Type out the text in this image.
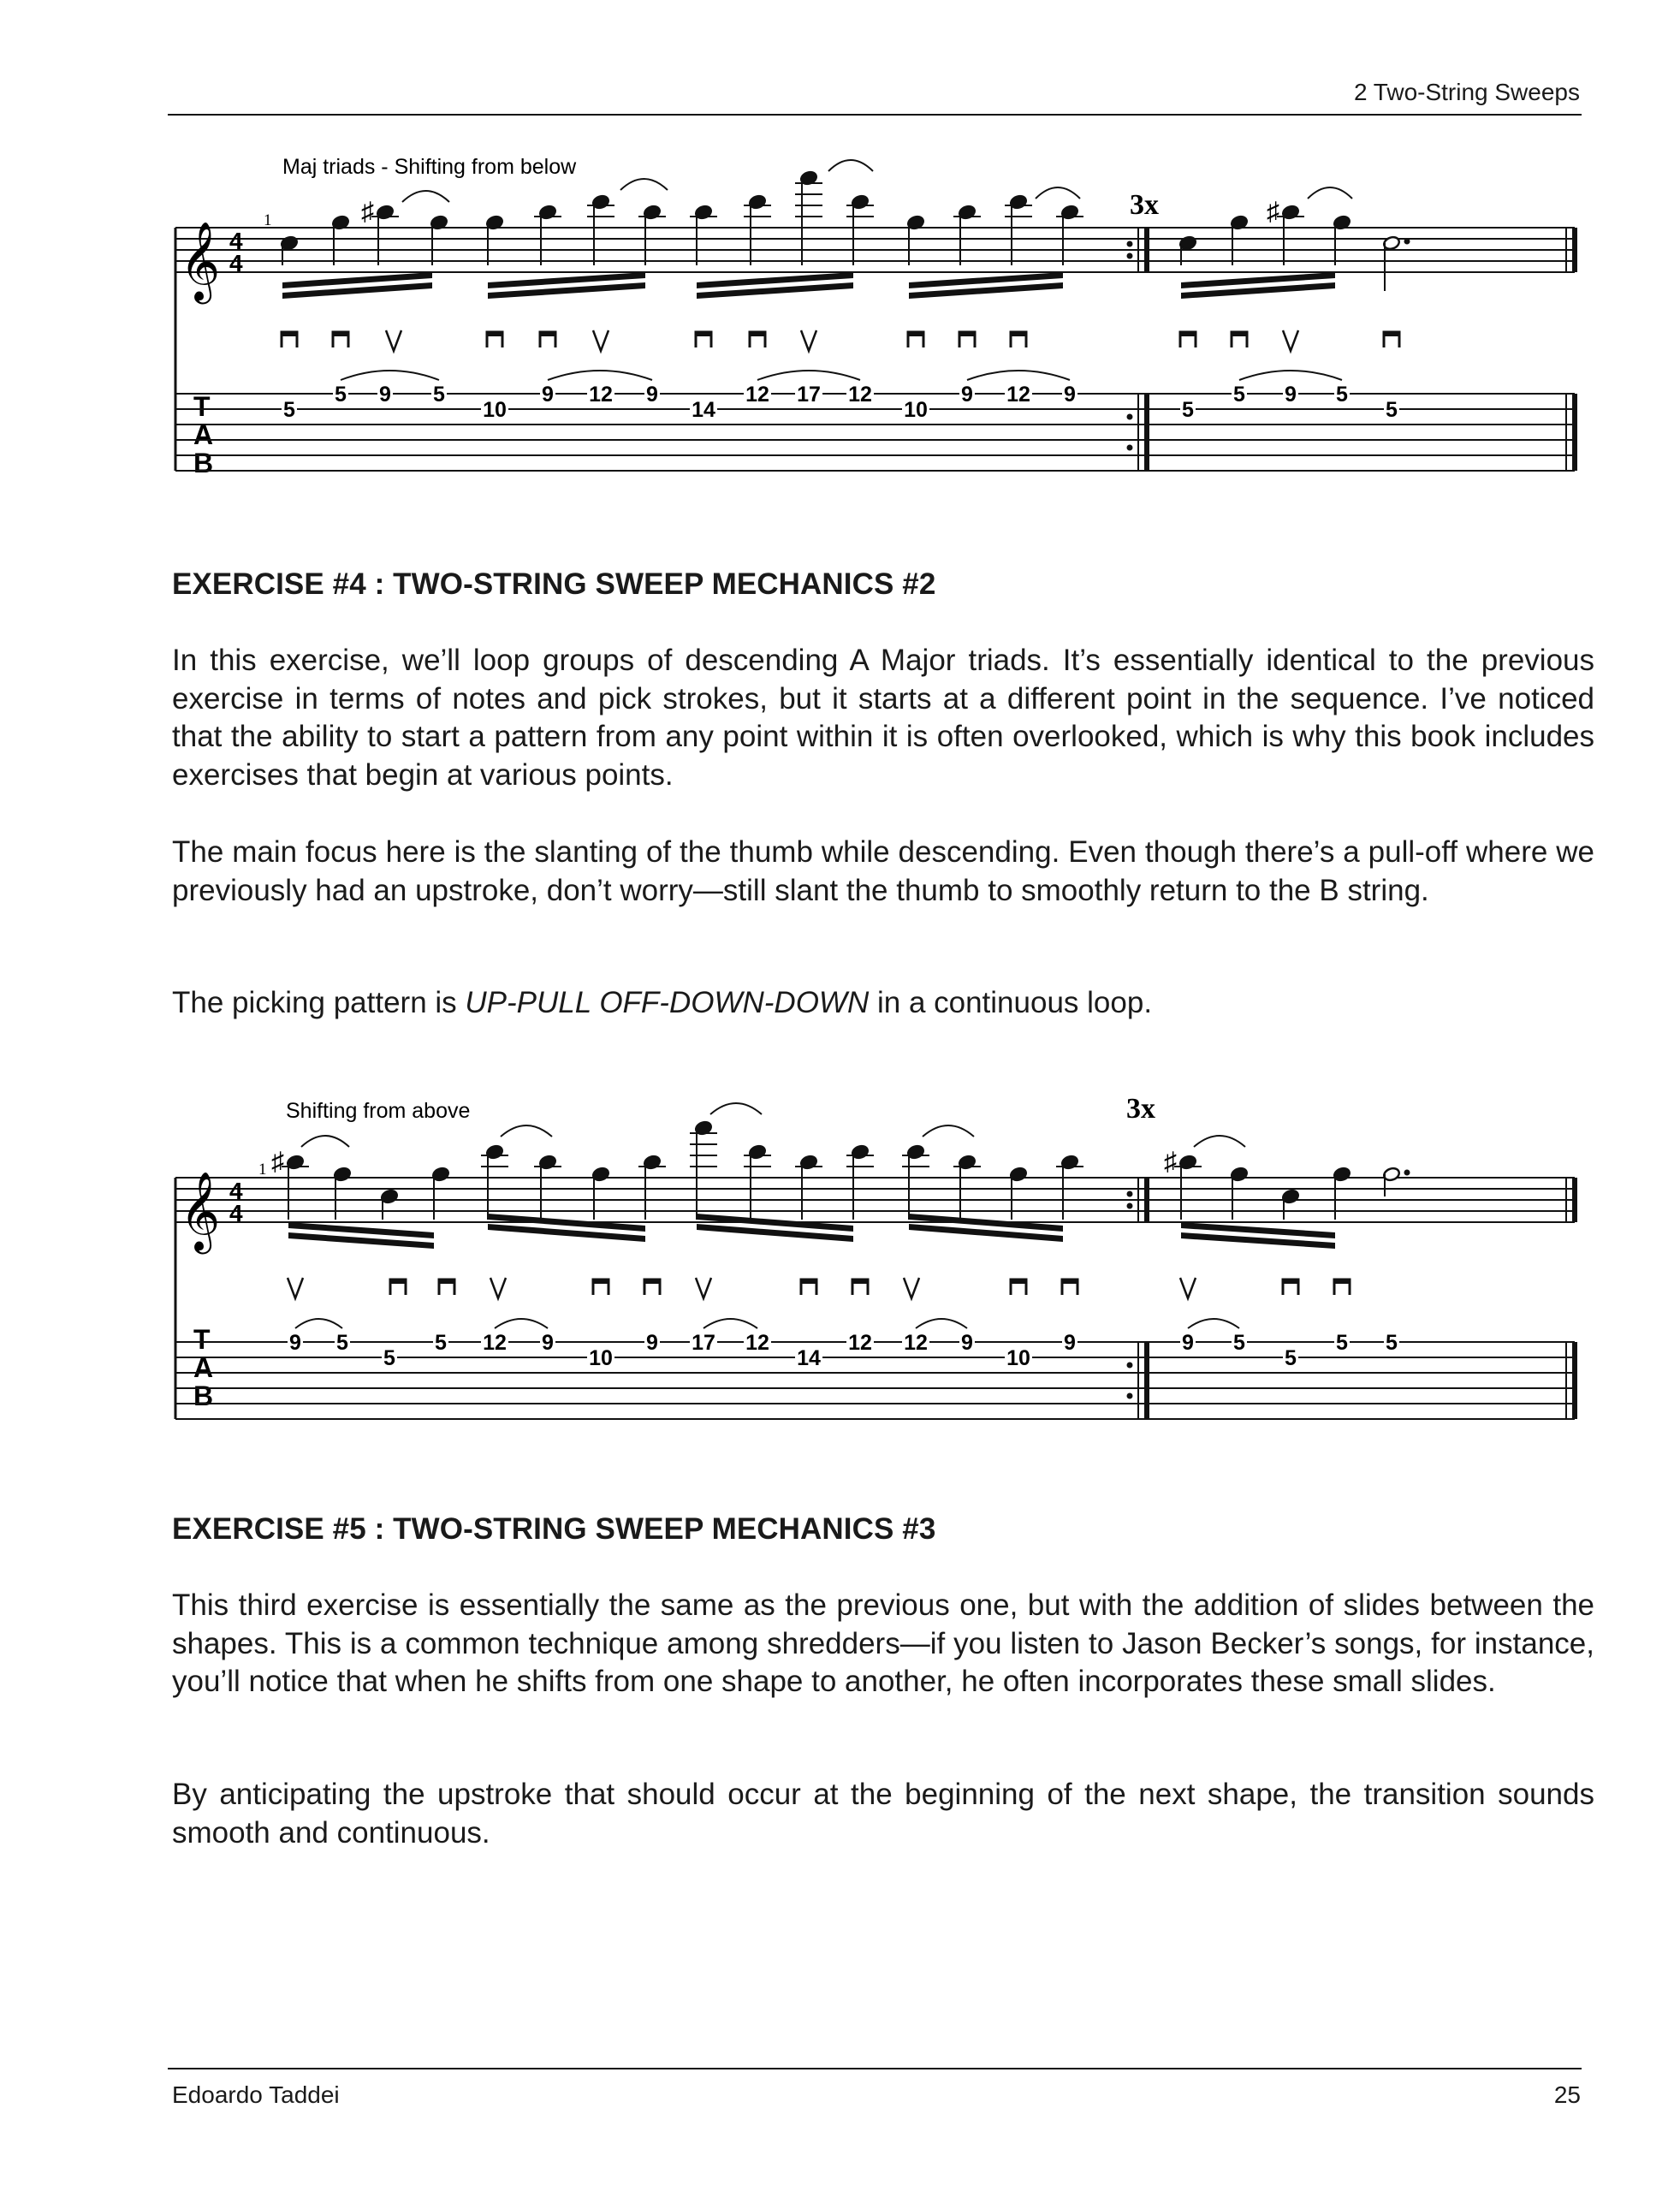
2 Two-String Sweeps
Maj triads - Shifting from below
1	3x
𝄞 4
4
♯	♯
T
A
B
5
5 9 5
10
9 12 9
14
12 17 12
10
9 12 9
5
5 9 5
5
EXERCISE #4 : TWO-STRING SWEEP MECHANICS #2
In this exercise, we’ll loop groups of descending A Major triads. It’s essentially identical to the previous exercise in terms of notes and pick strokes, but it starts at a different point in the sequence. I’ve noticed that the ability to start a pattern from any point within it is often overlooked, which is why this book includes exercises that begin at various points.
The main focus here is the slanting of the thumb while descending. Even though there’s a pull-off where we previously had an upstroke, don’t worry—still slant the thumb to smoothly return to the B string.
The picking pattern is UP-PULL OFF-DOWN-DOWN in a continuous loop.
Shifting from above
1
3x
𝄞 4
4
♯	♯
T
A
B
9 5
5
5 12 9
10
9 17 12
14
12 12 9
10
9	9 5
5
5 5
EXERCISE #5 : TWO-STRING SWEEP MECHANICS #3
This third exercise is essentially the same as the previous one, but with the addition of slides between the shapes. This is a common technique among shredders—if you listen to Jason Becker’s songs, for instance, you’ll notice that when he shifts from one shape to another, he often incorporates these small slides.
By anticipating the upstroke that should occur at the beginning of the next shape, the transition sounds smooth and continuous.
Edoardo Taddei	25
